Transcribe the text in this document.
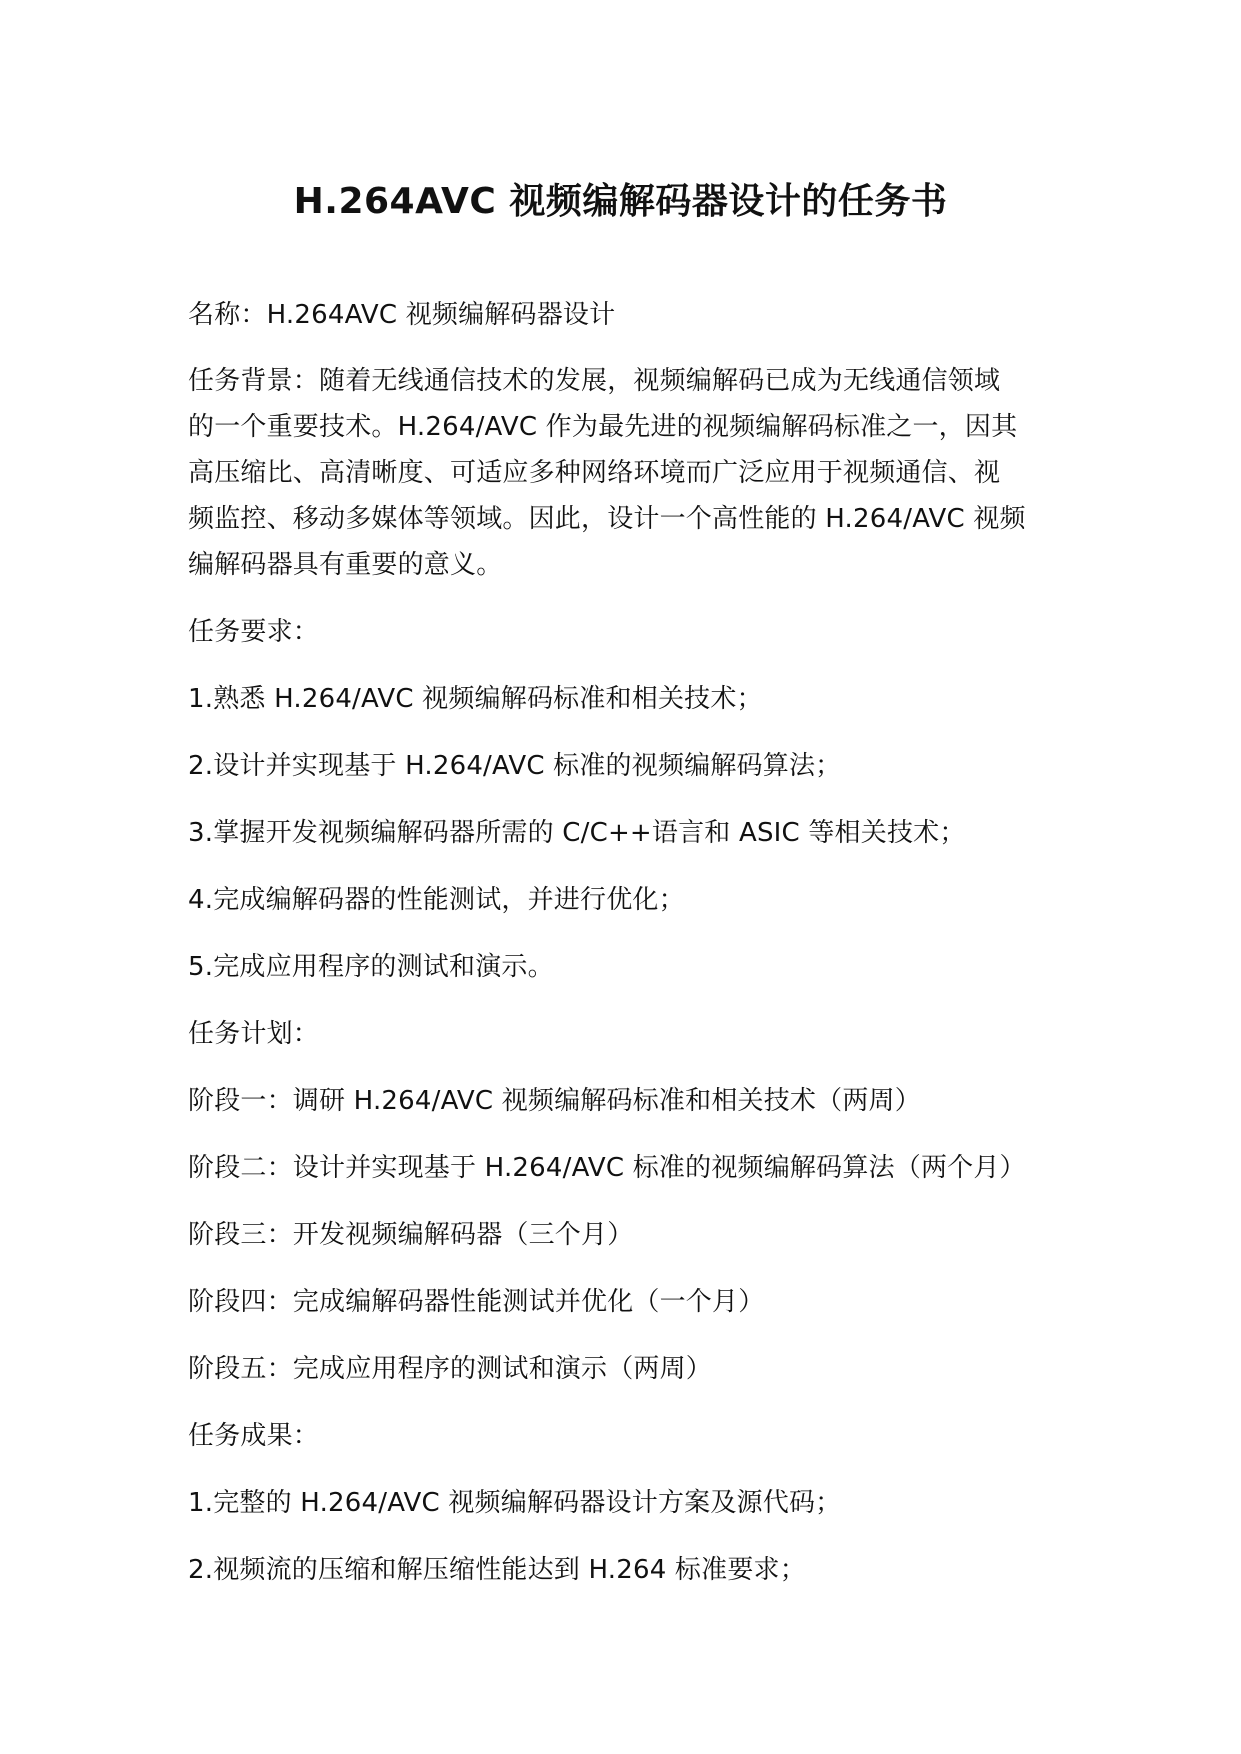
H.264AVC 视频编解码器设计的任务书
名称：H.264AVC 视频编解码器设计
任务背景：随着无线通信技术的发展，视频编解码已成为无线通信领域
的一个重要技术。H.264/AVC 作为最先进的视频编解码标准之一，因其
高压缩比、高清晰度、可适应多种网络环境而广泛应用于视频通信、视
频监控、移动多媒体等领域。因此，设计一个高性能的 H.264/AVC 视频
编解码器具有重要的意义。
任务要求：
1.熟悉 H.264/AVC 视频编解码标准和相关技术；
2.设计并实现基于 H.264/AVC 标准的视频编解码算法；
3.掌握开发视频编解码器所需的 C/C++语言和 ASIC 等相关技术；
4.完成编解码器的性能测试，并进行优化；
5.完成应用程序的测试和演示。
任务计划：
阶段一：调研 H.264/AVC 视频编解码标准和相关技术（两周）
阶段二：设计并实现基于 H.264/AVC 标准的视频编解码算法（两个月）
阶段三：开发视频编解码器（三个月）
阶段四：完成编解码器性能测试并优化（一个月）
阶段五：完成应用程序的测试和演示（两周）
任务成果：
1.完整的 H.264/AVC 视频编解码器设计方案及源代码；
2.视频流的压缩和解压缩性能达到 H.264 标准要求；
